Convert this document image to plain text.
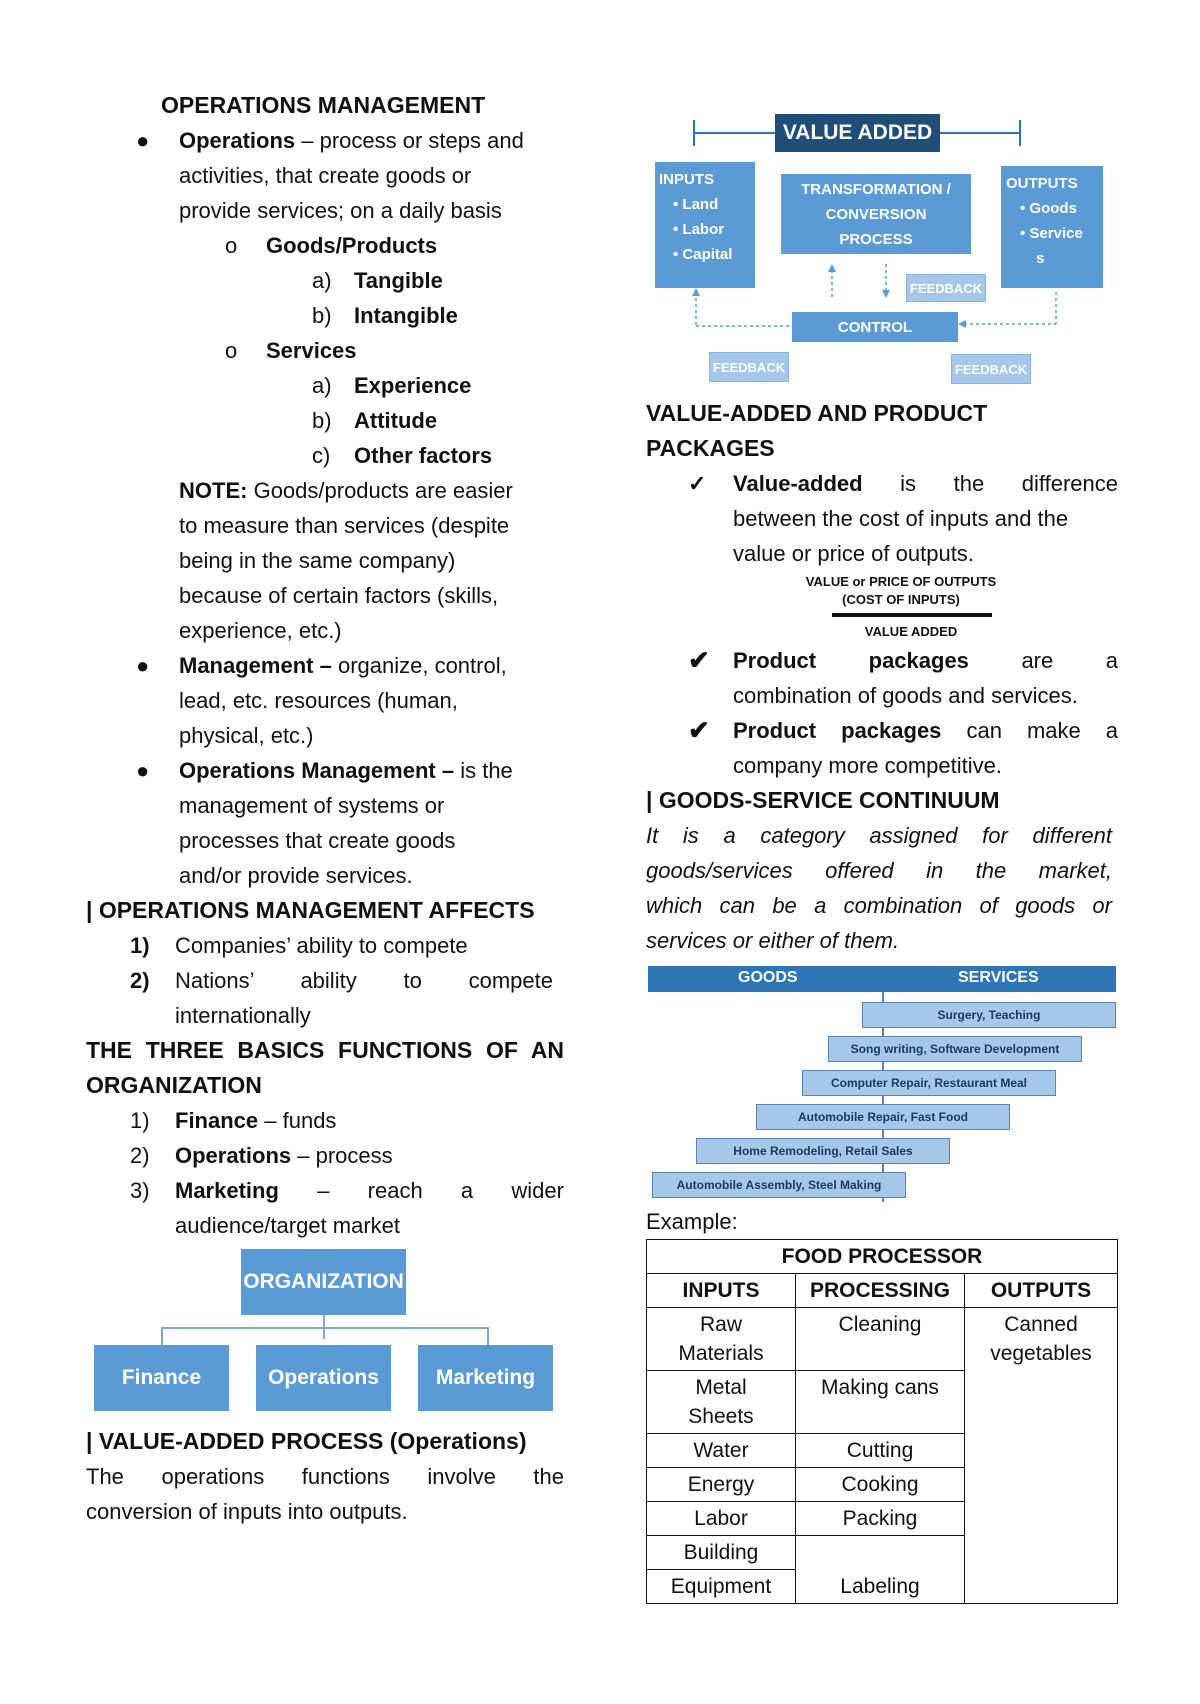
OPERATIONS MANAGEMENT
● Operations – process or steps and
activities, that create goods or
provide services; on a daily basis
o Goods/Products
a) Tangible
b) Intangible
o Services
a) Experience
b) Attitude
c) Other factors
NOTE: Goods/products are easier
to measure than services (despite
being in the same company)
because of certain factors (skills,
experience, etc.)
● Management – organize, control,
lead, etc. resources (human,
physical, etc.)
● Operations Management – is the
management of systems or
processes that create goods
and/or provide services.
| OPERATIONS MANAGEMENT AFFECTS
1) Companies’ ability to compete
2) Nations’ ability to compete
internationally
THE THREE BASICS FUNCTIONS OF AN
ORGANIZATION
1) Finance – funds
2) Operations – process
3) Marketing – reach a wider
audience/target market
ORGANIZATION
Finance	Operations	Marketing
| VALUE-ADDED PROCESS (Operations)
The operations functions involve the
conversion of inputs into outputs.
VALUE ADDED
INPUTS
• Land
• Labor
• Capital
TRANSFORMATION /
CONVERSION
PROCESS
OUTPUTS
• Goods
• Service
s
CONTROL
FEEDBACK
FEEDBACK	FEEDBACK
VALUE-ADDED AND PRODUCT PACKAGES
✓ Value-added is the difference
between the cost of inputs and the
value or price of outputs.
VALUE or PRICE OF OUTPUTS
(COST OF INPUTS)
VALUE ADDED
✔ Product packages are a
combination of goods and services.
✔ Product packages can make a
company more competitive.
| GOODS-SERVICE CONTINUUM
It is a category assigned for different
goods/services offered in the market,
which can be a combination of goods or
services or either of them.
GOODS	SERVICES
Surgery, Teaching
Song writing, Software Development
Computer Repair, Restaurant Meal
Automobile Repair, Fast Food
Home Remodeling, Retail Sales
Automobile Assembly, Steel Making
Example:
FOOD PROCESSOR		
INPUTS	PROCESSING	OUTPUTS
Raw
Materials	Cleaning	Canned
vegetables
Metal
Sheets	Making cans	
Water	Cutting	
Energy	Cooking	
Labor	Packing	
Building	Labeling	
Equipment		
